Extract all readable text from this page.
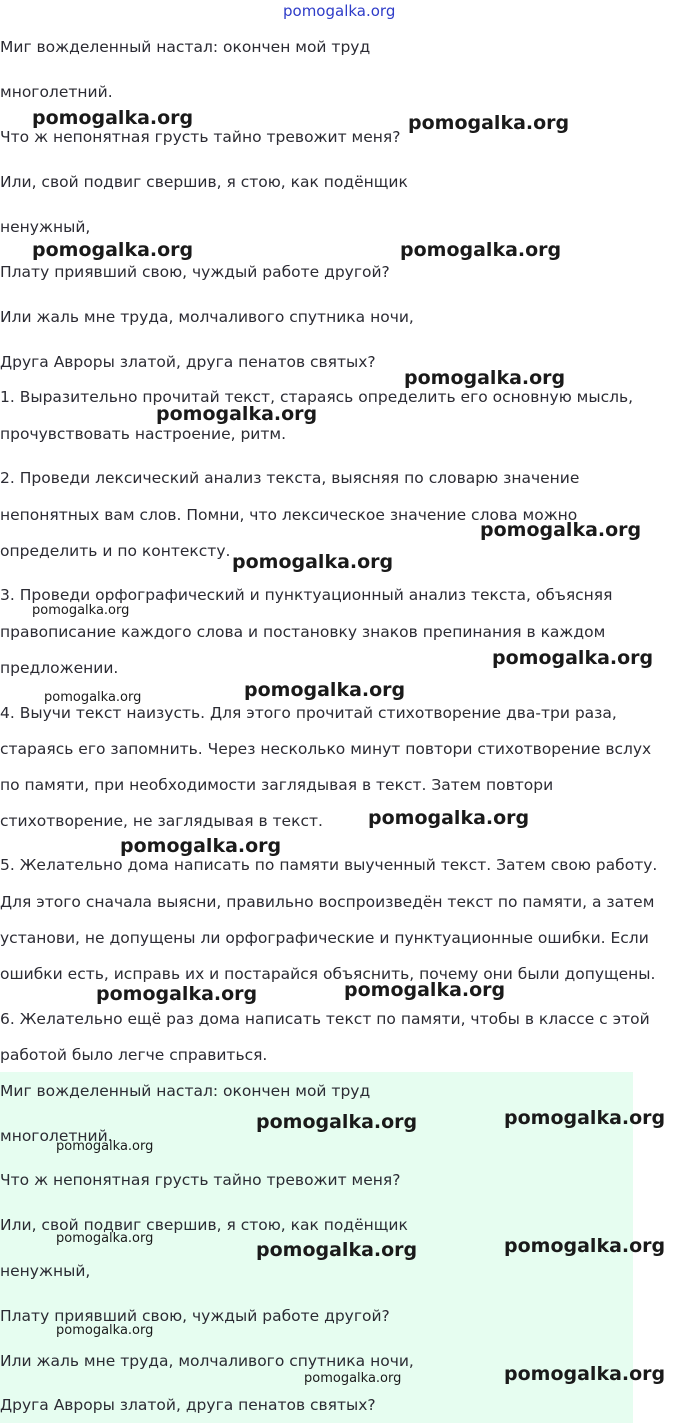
pomogalka.org
Миг вожделенный настал: окончен мой труд
многолетний.
Что ж непонятная грусть тайно тревожит меня?
Или, свой подвиг свершив, я стою, как подёнщик
ненужный,
Плату приявший свою, чуждый работе другой?
Или жаль мне труда, молчаливого спутника ночи,
Друга Авроры златой, друга пенатов святых?
1. Выразительно прочитай текст, стараясь определить его основную мысль,
прочувствовать настроение, ритм.
2. Проведи лексический анализ текста, выясняя по словарю значение
непонятных вам слов. Помни, что лексическое значение слова можно
определить и по контексту.
3. Проведи орфографический и пунктуационный анализ текста, объясняя
правописание каждого слова и постановку знаков препинания в каждом
предложении.
4. Выучи текст наизусть. Для этого прочитай стихотворение два-три раза,
стараясь его запомнить. Через несколько минут повтори стихотворение вслух
по памяти, при необходимости заглядывая в текст. Затем повтори
стихотворение, не заглядывая в текст.
5. Желательно дома написать по памяти выученный текст. Затем свою работу.
Для этого сначала выясни, правильно воспроизведён текст по памяти, а затем
установи, не допущены ли орфографические и пунктуационные ошибки. Если
ошибки есть, исправь их и постарайся объяснить, почему они были допущены.
6. Желательно ещё раз дома написать текст по памяти, чтобы в классе с этой
работой было легче справиться.
Миг вожделенный настал: окончен мой труд
многолетний.
Что ж непонятная грусть тайно тревожит меня?
Или, свой подвиг свершив, я стою, как подёнщик
ненужный,
Плату приявший свою, чуждый работе другой?
Или жаль мне труда, молчаливого спутника ночи,
Друга Авроры златой, друга пенатов святых?
pomogalka.org	pomogalka.org
pomogalka.org	pomogalka.org
pomogalka.org
pomogalka.org
pomogalka.org
pomogalka.org
pomogalka.org
pomogalka.org
pomogalka.org	pomogalka.org
pomogalka.org
pomogalka.org
pomogalka.org
pomogalka.org
pomogalka.org	pomogalka.org
pomogalka.org
pomogalka.org
pomogalka.org	pomogalka.org
pomogalka.org
pomogalka.org	pomogalka.org
